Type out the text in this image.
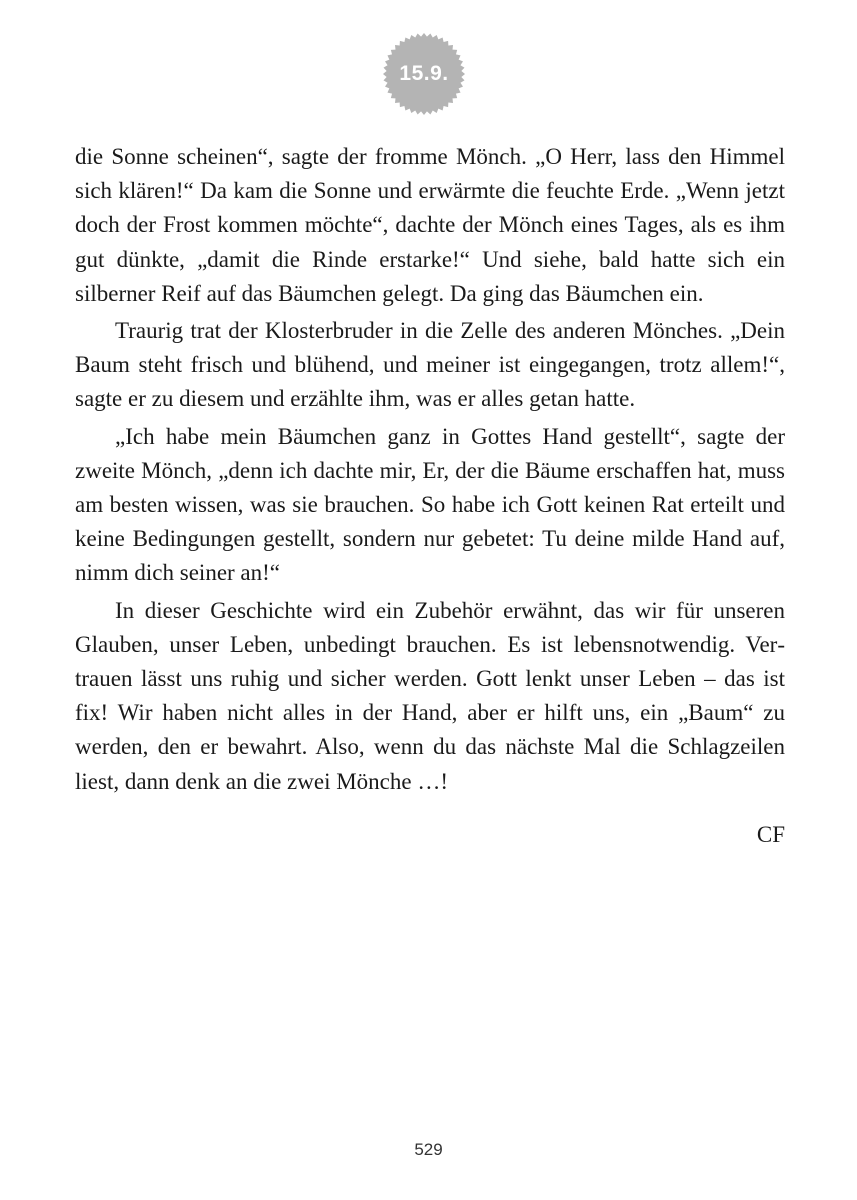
15.9.

die Sonne scheinen“, sagte der fromme Mönch. „O Herr, lass den Himmel sich klären!“ Da kam die Sonne und erwärmte die feuchte Erde. „Wenn jetzt doch der Frost kommen möchte“, dachte der Mönch eines Tages, als es ihm gut dünkte, „damit die Rinde erstarke!“ Und siehe, bald hatte sich ein silberner Reif auf das Bäumchen gelegt. Da ging das Bäumchen ein.

Traurig trat der Klosterbruder in die Zelle des anderen Mönches. „Dein Baum steht frisch und blühend, und meiner ist eingegangen, trotz allem!“, sagte er zu diesem und erzählte ihm, was er alles getan hatte.

„Ich habe mein Bäumchen ganz in Gottes Hand gestellt“, sagte der zweite Mönch, „denn ich dachte mir, Er, der die Bäume erschaffen hat, muss am besten wissen, was sie brauchen. So habe ich Gott keinen Rat erteilt und keine Bedingungen gestellt, sondern nur gebetet: Tu deine milde Hand auf, nimm dich seiner an!“

In dieser Geschichte wird ein Zubehör erwähnt, das wir für unseren Glauben, unser Leben, unbedingt brauchen. Es ist lebensnotwendig. Vertrauen lässt uns ruhig und sicher werden. Gott lenkt unser Leben – das ist fix! Wir haben nicht alles in der Hand, aber er hilft uns, ein „Baum“ zu werden, den er bewahrt. Also, wenn du das nächste Mal die Schlagzeilen liest, dann denk an die zwei Mönche …!

CF
529
